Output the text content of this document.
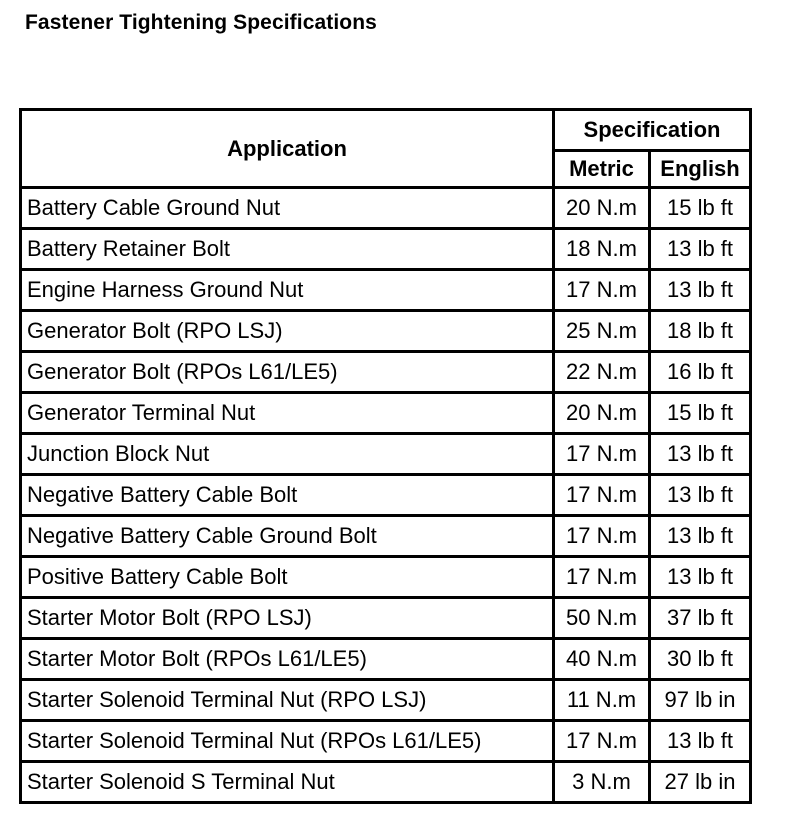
Fastener Tightening Specifications
Application	Specification	
	Metric	English
Battery Cable Ground Nut	20 N.m	15 lb ft
Battery Retainer Bolt	18 N.m	13 lb ft
Engine Harness Ground Nut	17 N.m	13 lb ft
Generator Bolt (RPO LSJ)	25 N.m	18 lb ft
Generator Bolt (RPOs L61/LE5)	22 N.m	16 lb ft
Generator Terminal Nut	20 N.m	15 lb ft
Junction Block Nut	17 N.m	13 lb ft
Negative Battery Cable Bolt	17 N.m	13 lb ft
Negative Battery Cable Ground Bolt	17 N.m	13 lb ft
Positive Battery Cable Bolt	17 N.m	13 lb ft
Starter Motor Bolt (RPO LSJ)	50 N.m	37 lb ft
Starter Motor Bolt (RPOs L61/LE5)	40 N.m	30 lb ft
Starter Solenoid Terminal Nut (RPO LSJ)	11 N.m	97 lb in
Starter Solenoid Terminal Nut (RPOs L61/LE5)	17 N.m	13 lb ft
Starter Solenoid S Terminal Nut	3 N.m	27 lb in
